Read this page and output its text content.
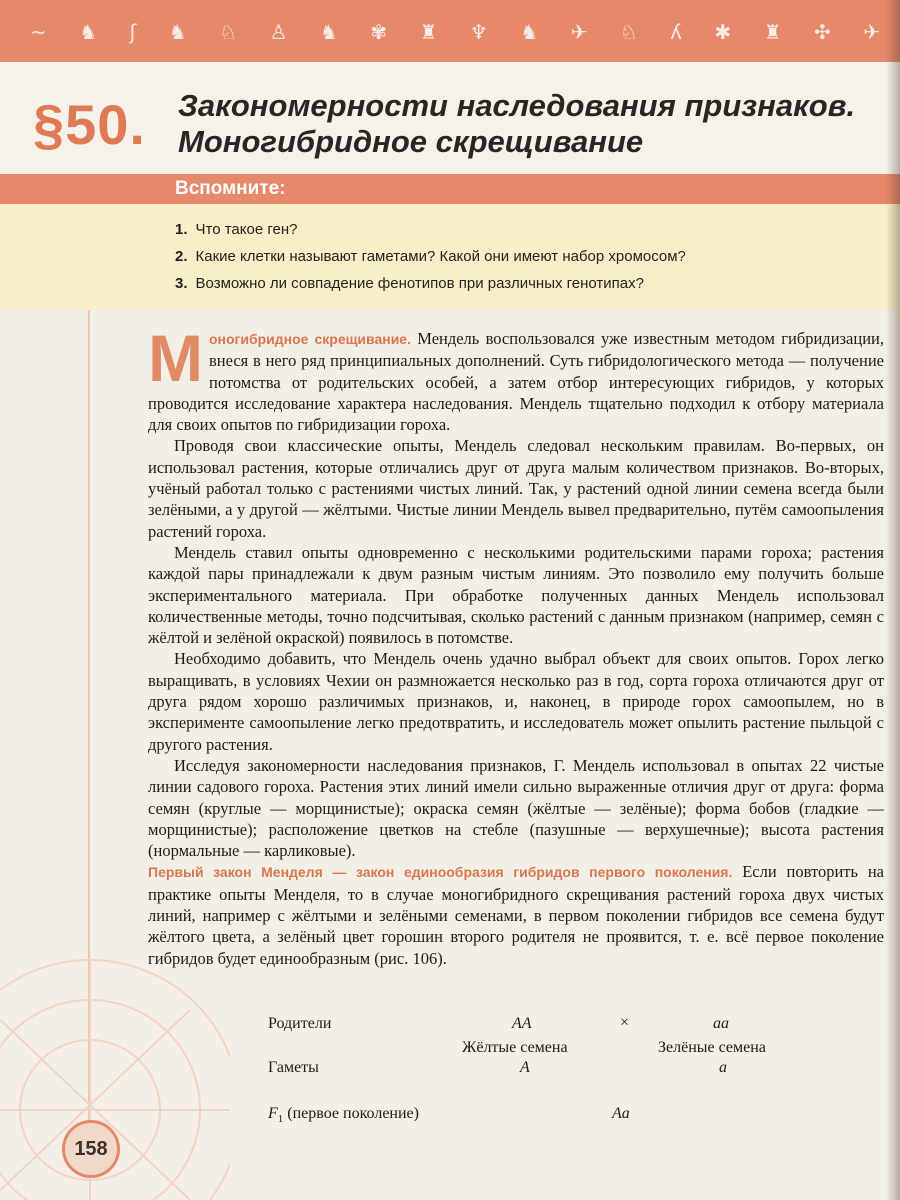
~ ♞ ʃ ♞ ♘ ♙ ♞ ✾ ♜ ♆ ♞ ✈ ♘ ʎ ✱ ♜ ✣ ✈
§50. Закономерности наследования признаков.
Моногибридное скрещивание
Вспомните:
1. Что такое ген?
2. Какие клетки называют гаметами? Какой они имеют набор хромосом?
3. Возможно ли совпадение фенотипов при различных генотипах?

Моногибридное скрещивание. Мендель воспользовался уже известным методом гибридизации, внеся в него ряд принципиальных дополнений. Суть гибридологического метода — получение потомства от родительских особей, а затем отбор интересующих гибридов, у которых проводится исследование характера наследования. Мендель тщательно подходил к отбору материала для своих опытов по гибридизации гороха.

Проводя свои классические опыты, Мендель следовал нескольким правилам. Во-первых, он использовал растения, которые отличались друг от друга малым количеством признаков. Во-вторых, учёный работал только с растениями чистых линий. Так, у растений одной линии семена всегда были зелёными, а у другой — жёлтыми. Чистые линии Мендель вывел предварительно, путём самоопыления растений гороха.

Мендель ставил опыты одновременно с несколькими родительскими парами гороха; растения каждой пары принадлежали к двум разным чистым линиям. Это позволило ему получить больше экспериментального материала. При обработке полученных данных Мендель использовал количественные методы, точно подсчитывая, сколько растений с данным признаком (например, семян с жёлтой и зелёной окраской) появилось в потомстве.

Необходимо добавить, что Мендель очень удачно выбрал объект для своих опытов. Горох легко выращивать, в условиях Чехии он размножается несколько раз в год, сорта гороха отличаются друг от друга рядом хорошо различимых признаков, и, наконец, в природе горох самоопылем, но в эксперименте самоопыление легко предотвратить, и исследователь может опылить растение пыльцой с другого растения.

Исследуя закономерности наследования признаков, Г. Мендель использовал в опытах 22 чистые линии садового гороха. Растения этих линий имели сильно выраженные отличия друг от друга: форма семян (круглые — морщинистые); окраска семян (жёлтые — зелёные); форма бобов (гладкие — морщинистые); расположение цветков на стебле (пазушные — верхушечные); высота растения (нормальные — карликовые).

Первый закон Менделя — закон единообразия гибридов первого поколения. Если повторить на практике опыты Менделя, то в случае моногибридного скрещивания растений гороха двух чистых линий, например с жёлтыми и зелёными семенами, в первом поколении гибридов все семена будут жёлтого цвета, а зелёный цвет горошин второго родителя не проявится, т. е. всё первое поколение гибридов будет единообразным (рис. 106).

Родители	AA	×	aa
Жёлтые семена	Зелёные семена
Гаметы	A	a
$F_1$ (первое поколение)	Aa
158
